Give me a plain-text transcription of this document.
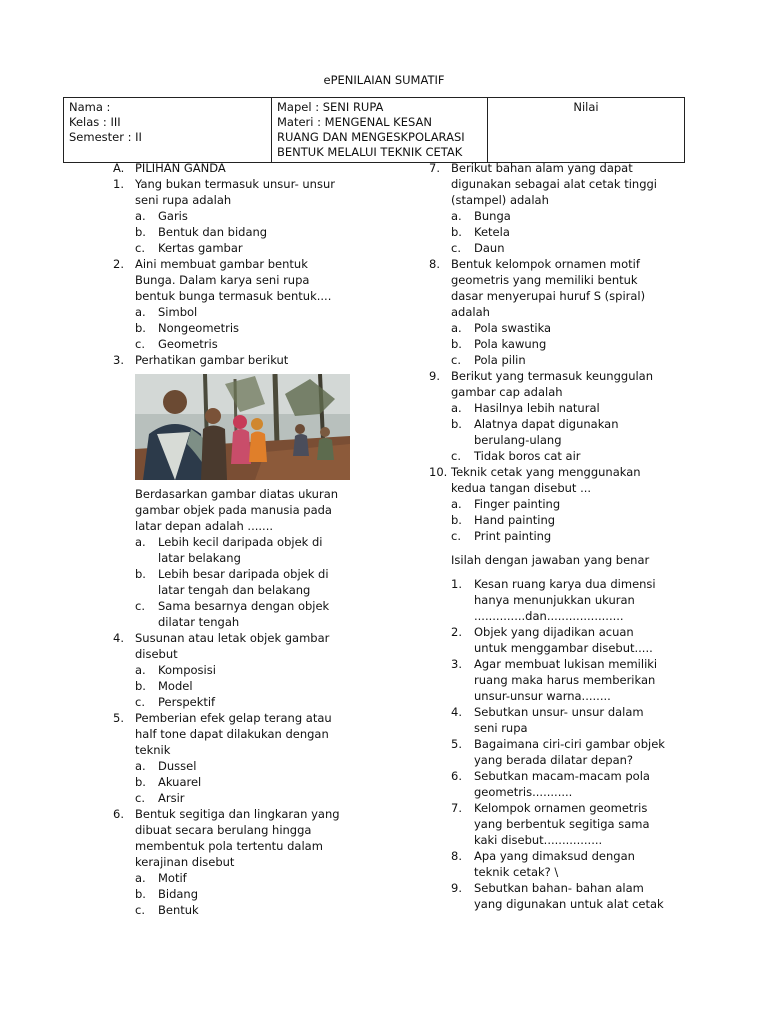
ePENILAIAN SUMATIF
Nama :
Kelas : III
Semester : II

Mapel : SENI RUPA
Materi : MENGENAL KESAN
RUANG DAN MENGESKPOLARASI
BENTUK MELALUI TEKNIK CETAK
	Nilai
A. PILIHAN GANDA
1. Yang bukan termasuk unsur- unsur
seni rupa adalah
a. Garis
b. Bentuk dan bidang
c. Kertas gambar
2. Aini membuat gambar bentuk
Bunga. Dalam karya seni rupa
bentuk bunga termasuk bentuk....
a. Simbol
b. Nongeometris
c. Geometris
3. Perhatikan gambar berikut
Berdasarkan gambar diatas ukuran
gambar objek pada manusia pada
latar depan adalah .......
a. Lebih kecil daripada objek di
latar belakang
b. Lebih besar daripada objek di
latar tengah dan belakang
c. Sama besarnya dengan objek
dilatar tengah
4. Susunan atau letak objek gambar
disebut
a. Komposisi
b. Model
c. Perspektif
5. Pemberian efek gelap terang atau
half tone dapat dilakukan dengan
teknik
a. Dussel
b. Akuarel
c. Arsir
6. Bentuk segitiga dan lingkaran yang
dibuat secara berulang hingga
membentuk pola tertentu dalam
kerajinan disebut
a. Motif
b. Bidang
c. Bentuk
7. Berikut bahan alam yang dapat
digunakan sebagai alat cetak tinggi
(stampel) adalah
a. Bunga
b. Ketela
c. Daun
8. Bentuk kelompok ornamen motif
geometris yang memiliki bentuk
dasar menyerupai huruf S (spiral)
adalah
a. Pola swastika
b. Pola kawung
c. Pola pilin
9. Berikut yang termasuk keunggulan
gambar cap adalah
a. Hasilnya lebih natural
b. Alatnya dapat digunakan
berulang-ulang
c. Tidak boros cat air
10. Teknik cetak yang menggunakan
kedua tangan disebut ...
a. Finger painting
b. Hand painting
c. Print painting
Isilah dengan jawaban yang benar
1. Kesan ruang karya dua dimensi
hanya menunjukkan ukuran
..............dan.....................
2. Objek yang dijadikan acuan
untuk menggambar disebut.....
3. Agar membuat lukisan memiliki
ruang maka harus memberikan
unsur-unsur warna........
4. Sebutkan unsur- unsur dalam
seni rupa
5. Bagaimana ciri-ciri gambar objek
yang berada dilatar depan?
6. Sebutkan macam-macam pola
geometris...........
7. Kelompok ornamen geometris
yang berbentuk segitiga sama
kaki disebut................
8. Apa yang dimaksud dengan
teknik cetak? \
9. Sebutkan bahan- bahan alam
yang digunakan untuk alat cetak
